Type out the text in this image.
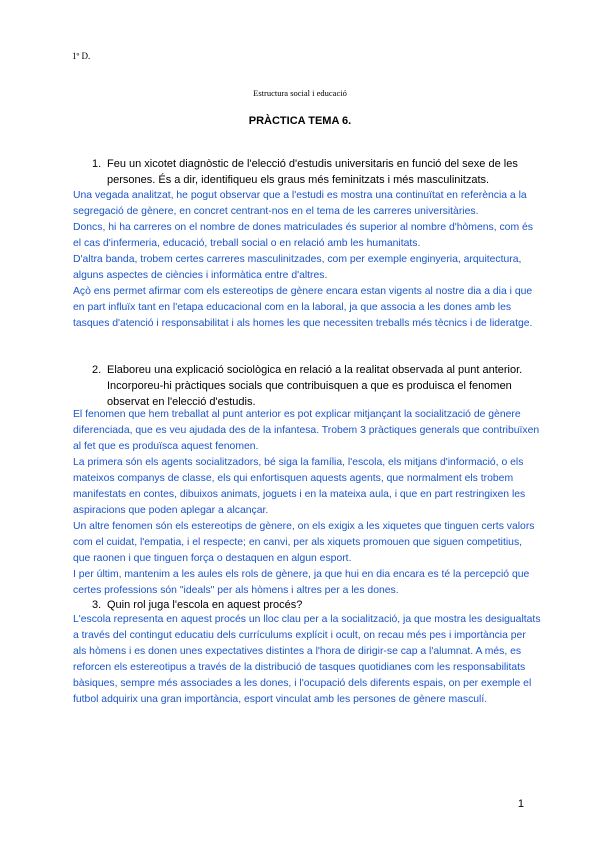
1º D.
Estructura social i educació
PRÀCTICA TEMA 6.
1. Feu un xicotet diagnòstic de l'elecció d'estudis universitaris en funció del sexe de les persones. És a dir, identifiqueu els graus més feminitzats i més masculinitzats.

Una vegada analitzat, he pogut observar que a l'estudi es mostra una continuïtat en referència a la segregació de gènere, en concret centrant-nos en el tema de les carreres universitàries.

Doncs, hi ha carreres on el nombre de dones matriculades és superior al nombre d'hòmens, com és el cas d'infermeria, educació, treball social o en relació amb les humanitats.

D'altra banda, trobem certes carreres masculinitzades, com per exemple enginyeria, arquitectura, alguns aspectes de ciències i informàtica entre d'altres.

Açò ens permet afirmar com els estereotips de gènere encara estan vigents al nostre dia a dia i que en part influïx tant en l'etapa educacional com en la laboral, ja que associa a les dones amb les tasques d'atenció i responsabilitat i als homes les que necessiten treballs més tècnics i de lideratge.

2. Elaboreu una explicació sociològica en relació a la realitat observada al punt anterior. Incorporeu-hi pràctiques socials que contribuisquen a que es produisca el fenomen observat en l'elecció d'estudis.

El fenomen que hem treballat al punt anterior es pot explicar mitjançant la socialització de gènere diferenciada, que es veu ajudada des de la infantesa. Trobem 3 pràctiques generals que contribuïxen al fet que es produïsca aquest fenomen.

La primera són els agents socialitzadors, bé siga la família, l'escola, els mitjans d'informació, o els mateixos companys de classe, els qui enfortisquen aquests agents, que normalment els trobem manifestats en contes, dibuixos animats, joguets i en la mateixa aula, i que en part restringixen les aspiracions que poden aplegar a alcançar.

Un altre fenomen són els estereotips de gènere, on els exigix a les xiquetes que tinguen certs valors com el cuidat, l'empatia, i el respecte; en canvi, per als xiquets promouen que siguen competitius, que raonen i que tinguen força o destaquen en algun esport.

I per últim, mantenim a les aules els rols de gènere, ja que hui en dia encara es té la percepció que certes professions són "ideals" per als hòmens i altres per a les dones.

3. Quin rol juga l'escola en aquest procés?

L'escola representa en aquest procés un lloc clau per a la socialització, ja que mostra les desigualtats a través del contingut educatiu dels currículums explícit i ocult, on recau més pes i importància per als hòmens i es donen unes expectatives distintes a l'hora de dirigir-se cap a l'alumnat. A més, es reforcen els estereotipus a través de la distribució de tasques quotidianes com les responsabilitats bàsiques, sempre més associades a les dones, i l'ocupació dels diferents espais, on per exemple el futbol adquirix una gran importància, esport vinculat amb les persones de gènere masculí.

1
